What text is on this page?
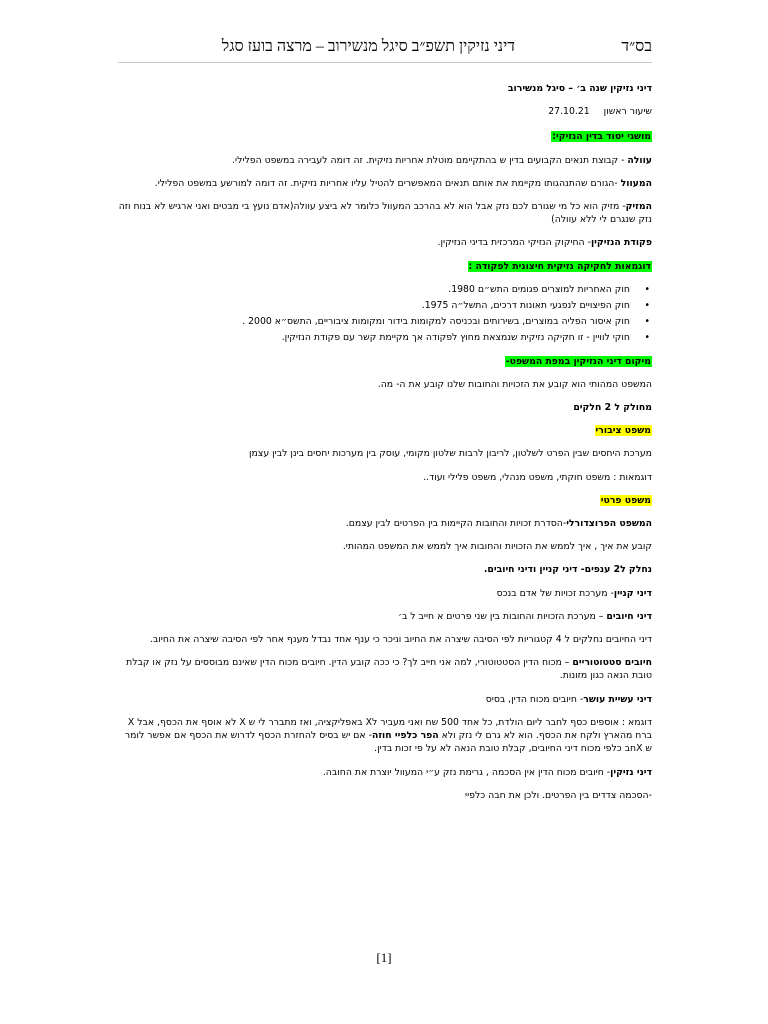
בס״ד
דיני נזיקין תשפ״ב סיגל מנשירוב – מרצה בועז סגל

דיני נזיקין שנה ב׳ – סיגל מנשירוב

שיעור ראשון27.10.21

מושגי יסוד בדין הנזיקי:

עוולה - קבוצת תנאים הקבועים בדין ש בהתקיימם מוטלת אחריות נזיקית. זה דומה לעבירה במשפט הפלילי.

המעוול -הגורם שהתנהגותו מקיימת את אותם תנאים המאפשרים להטיל עליו אחריות נזיקית. זה דומה למורשע במשפט הפלילי.

המזיק- מזיק הוא כל מי שגורם לכם נזק אבל הוא לא בהרכב המעוול כלומר לא ביצע עוולה(אדם נועץ בי מבטים ואני ארגיש לא בנוח וזה נזק שנגרם לי ללא עוולה)

פקודת הנזיקין- החיקוק הנזיקי המרכזית בדיני הנזיקין.

דוגמאות לחקיקה נזיקית חיצונית לפקודה :

• חוק האחריות למוצרים פגומים התש״ם 1980.
• חוק הפיצויים לנפגעי תאונות דרכים, התשל״ה 1975.
• חוק איסור הפליה במוצרים, בשירותים ובכניסה למקומות בידור ומקומות ציבוריים, התשס״א 2000 .
• חוקי לוויין - זו חקיקה נזיקית שנמצאת מחוץ לפקודה אך מקיימת קשר עם פקודת הנזיקין.

מיקום דיני הנזיקין במפת המשפט-

המשפט המהותי הוא קובע את הזכויות והחובות שלנו קובע את ה- מה.

מחולק ל 2 חלקים

משפט ציבורי

מערכת היחסים שבין הפרט לשלטון, לריבון לרבות שלטון מקומי, עוסק בין מערכות יחסים בינן לבין עצמן

דוגמאות : משפט חוקתי, משפט מנהלי, משפט פלילי ועוד..

משפט פרטי

המשפט הפרוצדורלי-הסדרת זכויות והחובות הקיימות בין הפרטים לבין עצמם.

קובע את איך , איך לממש את הזכויות והחובות איך לממש את המשפט המהותי.

נחלק ל2 ענפים- דיני קניין ודיני חיובים.

דיני קניין- מערכת זכויות של אדם בנכס

דיני חיובים – מערכת הזכויות והחובות בין שני פרטים א חייב ל ב׳

דיני החיובים נחלקים ל 4 קטגוריות לפי הסיבה שיצרה את החיוב וניכר כי ענף אחד נבדל מענף אחר לפי הסיבה שיצרה את החיוב.

חיובים סטטוטוריים – מכוח הדין הסטטוטורי, למה אני חייב לך? כי ככה קובע הדין. חיובים מכוח הדין שאינם מבוססים על נזק או קבלת טובת הנאה כגון מזונות.

דיני עשיית עושר- חיובים מכוח הדין, בסיס

דוגמא : אוספים כסף לחבר ליום הולדת, כל אחד 500 שח ואני מעביר לX באפליקציה, ואז מתברר לי ש X לא אוסף את הכסף, אבל X ברח מהארץ ולקח את הכסף. הוא לא גרם לי נזק ולא הפר כלפיי חוזה- אם יש בסיס להחזרת הכסף לדרוש את הכסף אם אפשר לומר ש Xחב כלפי מכוח דיני החיובים, קבלת טובת הנאה לא על פי זכות בדין.

דיני נזיקין- חיובים מכוח הדין אין הסכמה , גרימת נזק ע״י המעוול יוצרת את החובה.

-הסכמה צדדים בין הפרטים. ולכן את חבה כלפיי

[1]
